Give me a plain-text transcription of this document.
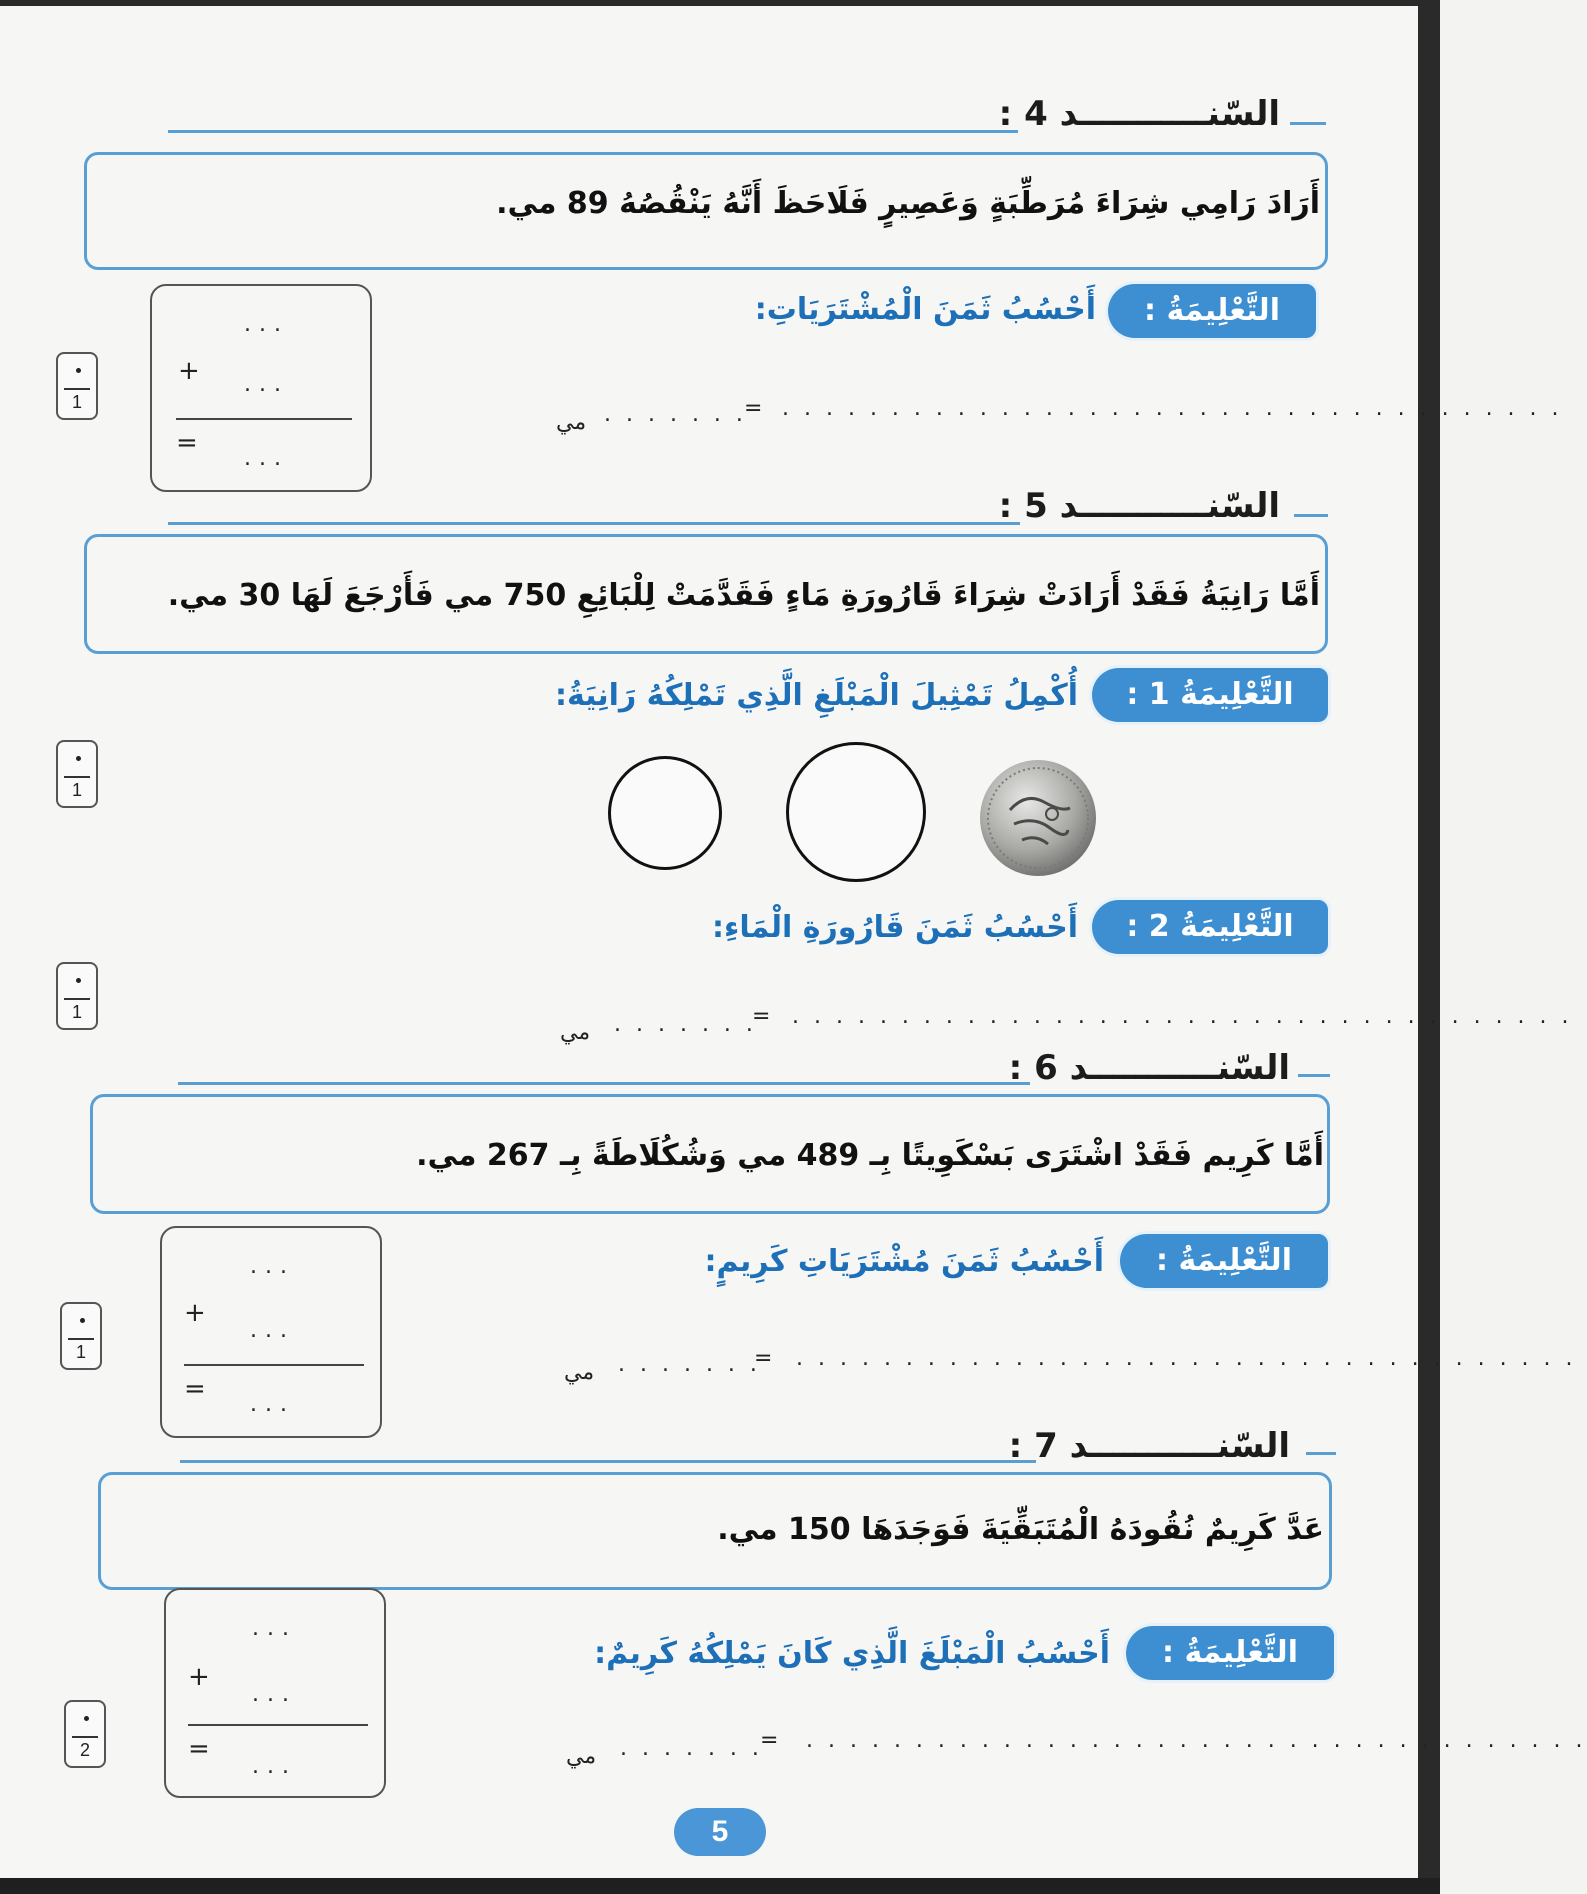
السّنـــــــــــد 4 :
أَرَادَ رَامِي شِرَاءَ مُرَطِّبَةٍ وَعَصِيرٍ فَلَاحَظَ أَنَّهُ يَنْقُصُهُ 89 مي.
التَّعْلِيمَةُ :
أَحْسُبُ ثَمَنَ الْمُشْتَرَيَاتِ:
...
+ ...
=
...
. . . . . . . . . . . . . . . . . . . . . . . . . . . . . . . . . . . .
=
. . . . . . .
مي
1
السّنـــــــــــد 5 :
أَمَّا رَانِيَةُ فَقَدْ أَرَادَتْ شِرَاءَ قَارُورَةِ مَاءٍ فَقَدَّمَتْ لِلْبَائِعِ 750 مي فَأَرْجَعَ لَهَا 30 مي.
التَّعْلِيمَةُ 1 :
أُكْمِلُ تَمْثِيلَ الْمَبْلَغِ الَّذِي تَمْلِكُهُ رَانِيَةُ:
التَّعْلِيمَةُ 2 :
أَحْسُبُ ثَمَنَ قَارُورَةِ الْمَاءِ:
. . . . . . . . . . . . . . . . . . . . . . . . . . . . . . . . . . . .
=
. . . . . . .
مي
1
1
السّنـــــــــــد 6 :
أَمَّا كَرِيم فَقَدْ اشْتَرَى بَسْكَوِيتًا بِـ 489 مي وَشُكُلَاطَةً بِـ 267 مي.
التَّعْلِيمَةُ :
أَحْسُبُ ثَمَنَ مُشْتَرَيَاتِ كَرِيمٍ:
...
+
...
=
...
. . . . . . . . . . . . . . . . . . . . . . . . . . . . . . . . . . . .
=
. . . . . . .
مي
1
السّنـــــــــــد 7 :
عَدَّ كَرِيمٌ نُقُودَهُ الْمُتَبَقِّيَةَ فَوَجَدَهَا 150 مي.
التَّعْلِيمَةُ :
أَحْسُبُ الْمَبْلَغَ الَّذِي كَانَ يَمْلِكُهُ كَرِيمٌ:
...
+
...
=
...
. . . . . . . . . . . . . . . . . . . . . . . . . . . . . . . . . . . .
=
. . . . . . .
مي
2
5
